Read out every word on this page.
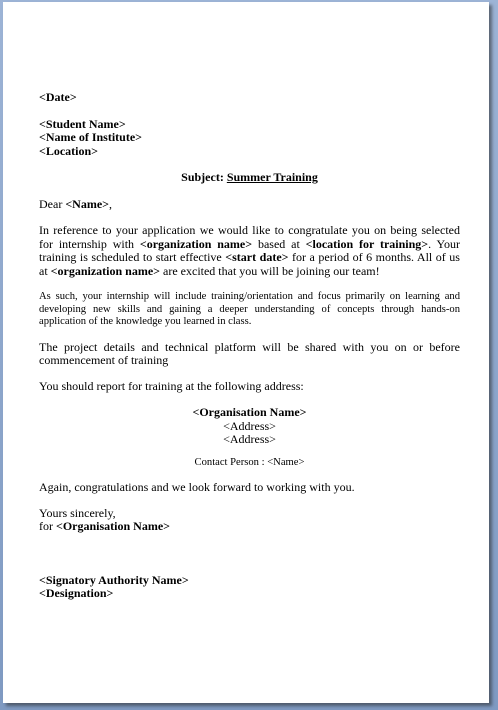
<Date>
<Student Name>
<Name of Institute>
<Location>
Subject: Summer Training
Dear <Name>,

In reference to your application we would like to congratulate you on being selected for internship with <organization name> based at <location for training>. Your training is scheduled to start effective <start date> for a period of 6 months. All of us at <organization name> are excited that you will be joining our team!

As such, your internship will include training/orientation and focus primarily on learning and developing new skills and gaining a deeper understanding of concepts through hands-on application of the knowledge you learned in class.

The project details and technical platform will be shared with you on or before commencement of training

You should report for training at the following address:

<Organisation Name>
<Address>
<Address>
Contact Person : <Name>

Again, congratulations and we look forward to working with you.

Yours sincerely,
for <Organisation Name>
<Signatory Authority Name>
<Designation>
